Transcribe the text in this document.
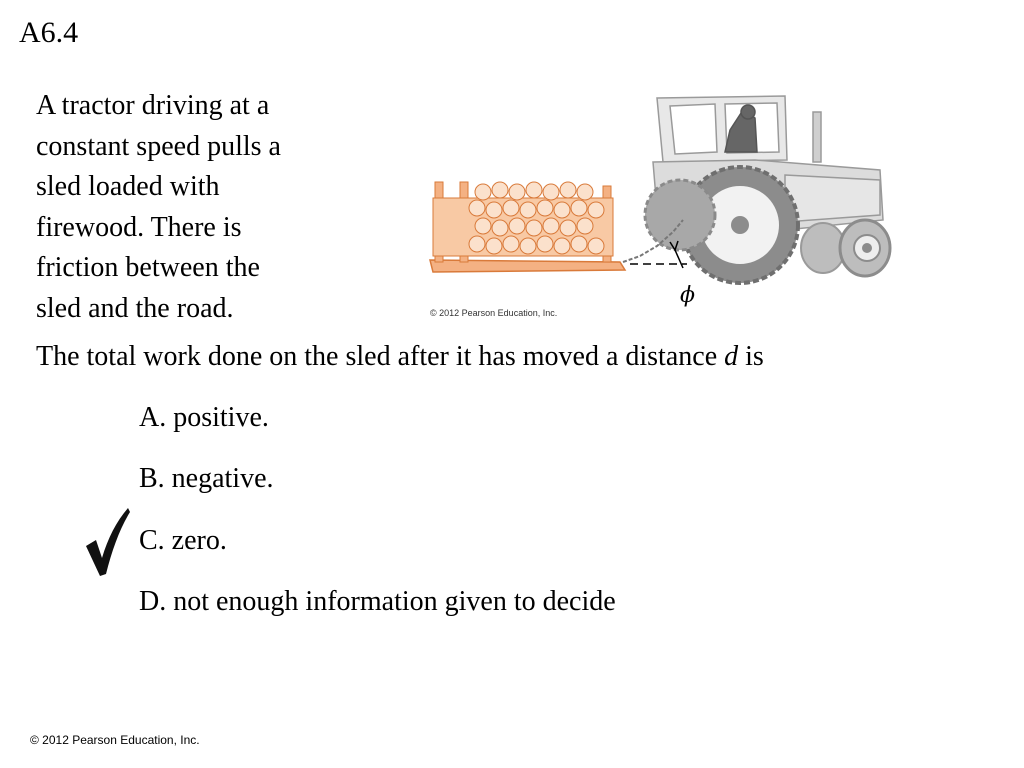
A6.4
A tractor driving at a
constant speed pulls a
sled loaded with
firewood. There is
friction between the
sled and the road.	ϕ
© 2012 Pearson Education, Inc.
The total work done on the sled after it has moved a distance d is
A. positive.
B. negative.
C. zero.
D. not enough information given to decide
© 2012 Pearson Education, Inc.
